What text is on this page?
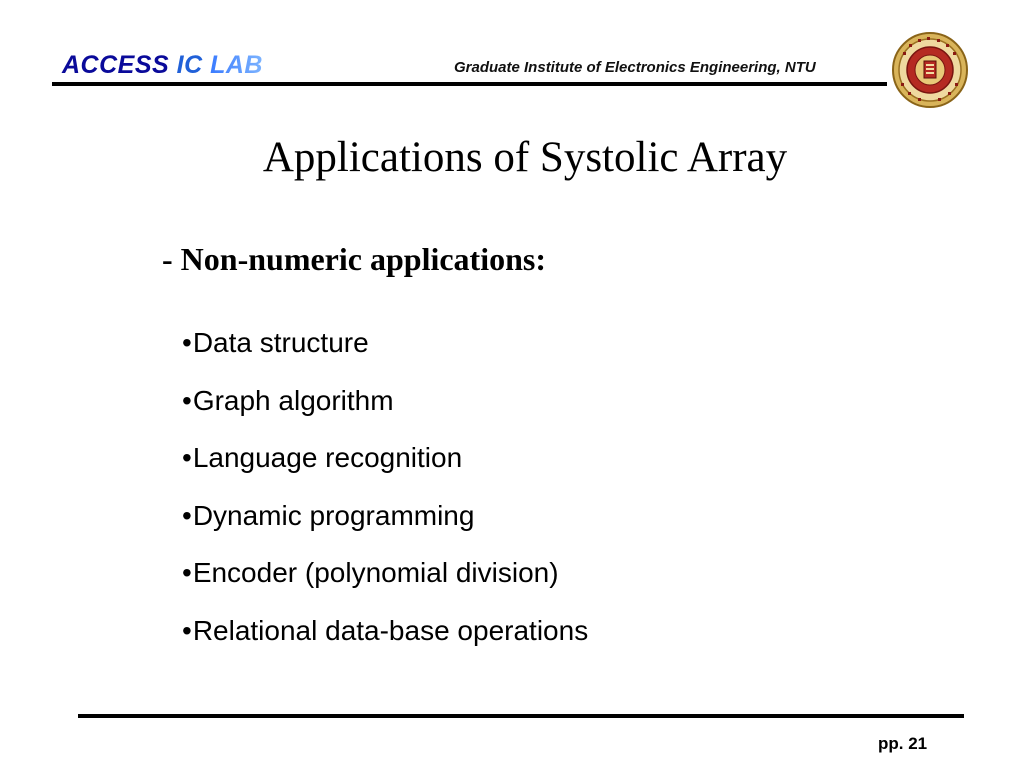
ACCESS IC LAB	Graduate Institute of Electronics Engineering, NTU
Applications of Systolic Array
- Non-numeric applications:
•Data structure
•Graph algorithm
•Language recognition
•Dynamic programming
•Encoder (polynomial division)
•Relational data-base operations
pp. 21
